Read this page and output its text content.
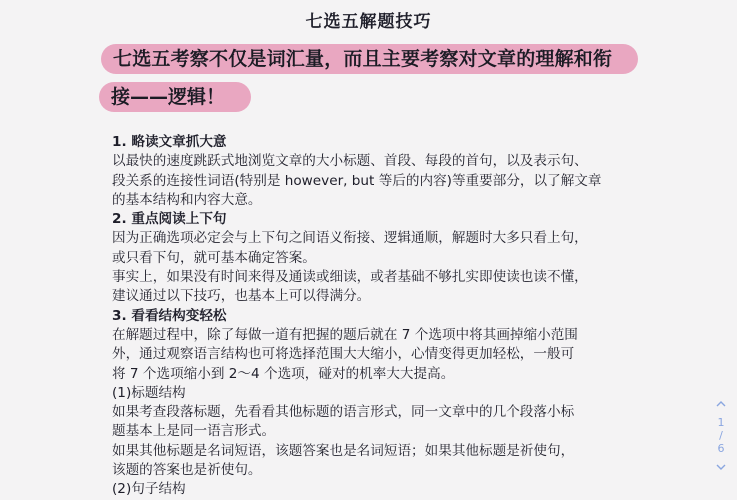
七选五解题技巧
七选五考察不仅是词汇量，而且主要考察对文章的理解和衔
接——逻辑！
1. 略读文章抓大意
以最快的速度跳跃式地浏览文章的大小标题、首段、每段的首句，以及表示句、
段关系的连接性词语(特别是 however, but 等后的内容)等重要部分，以了解文章
的基本结构和内容大意。
2. 重点阅读上下句
因为正确选项必定会与上下句之间语义衔接、逻辑通顺，解题时大多只看上句，
或只看下句，就可基本确定答案。
事实上，如果没有时间来得及通读或细读，或者基础不够扎实即使读也读不懂，
建议通过以下技巧，也基本上可以得满分。
3. 看看结构变轻松
在解题过程中，除了每做一道有把握的题后就在 7 个选项中将其画掉缩小范围
外，通过观察语言结构也可将选择范围大大缩小，心情变得更加轻松，一般可
将 7 个选项缩小到 2～4 个选项，碰对的机率大大提高。
(1)标题结构
如果考查段落标题，先看看其他标题的语言形式，同一文章中的几个段落小标
题基本上是同一语言形式。
如果其他标题是名词短语，该题答案也是名词短语；如果其他标题是祈使句，
该题的答案也是祈使句。
(2)句子结构
1
/
6
